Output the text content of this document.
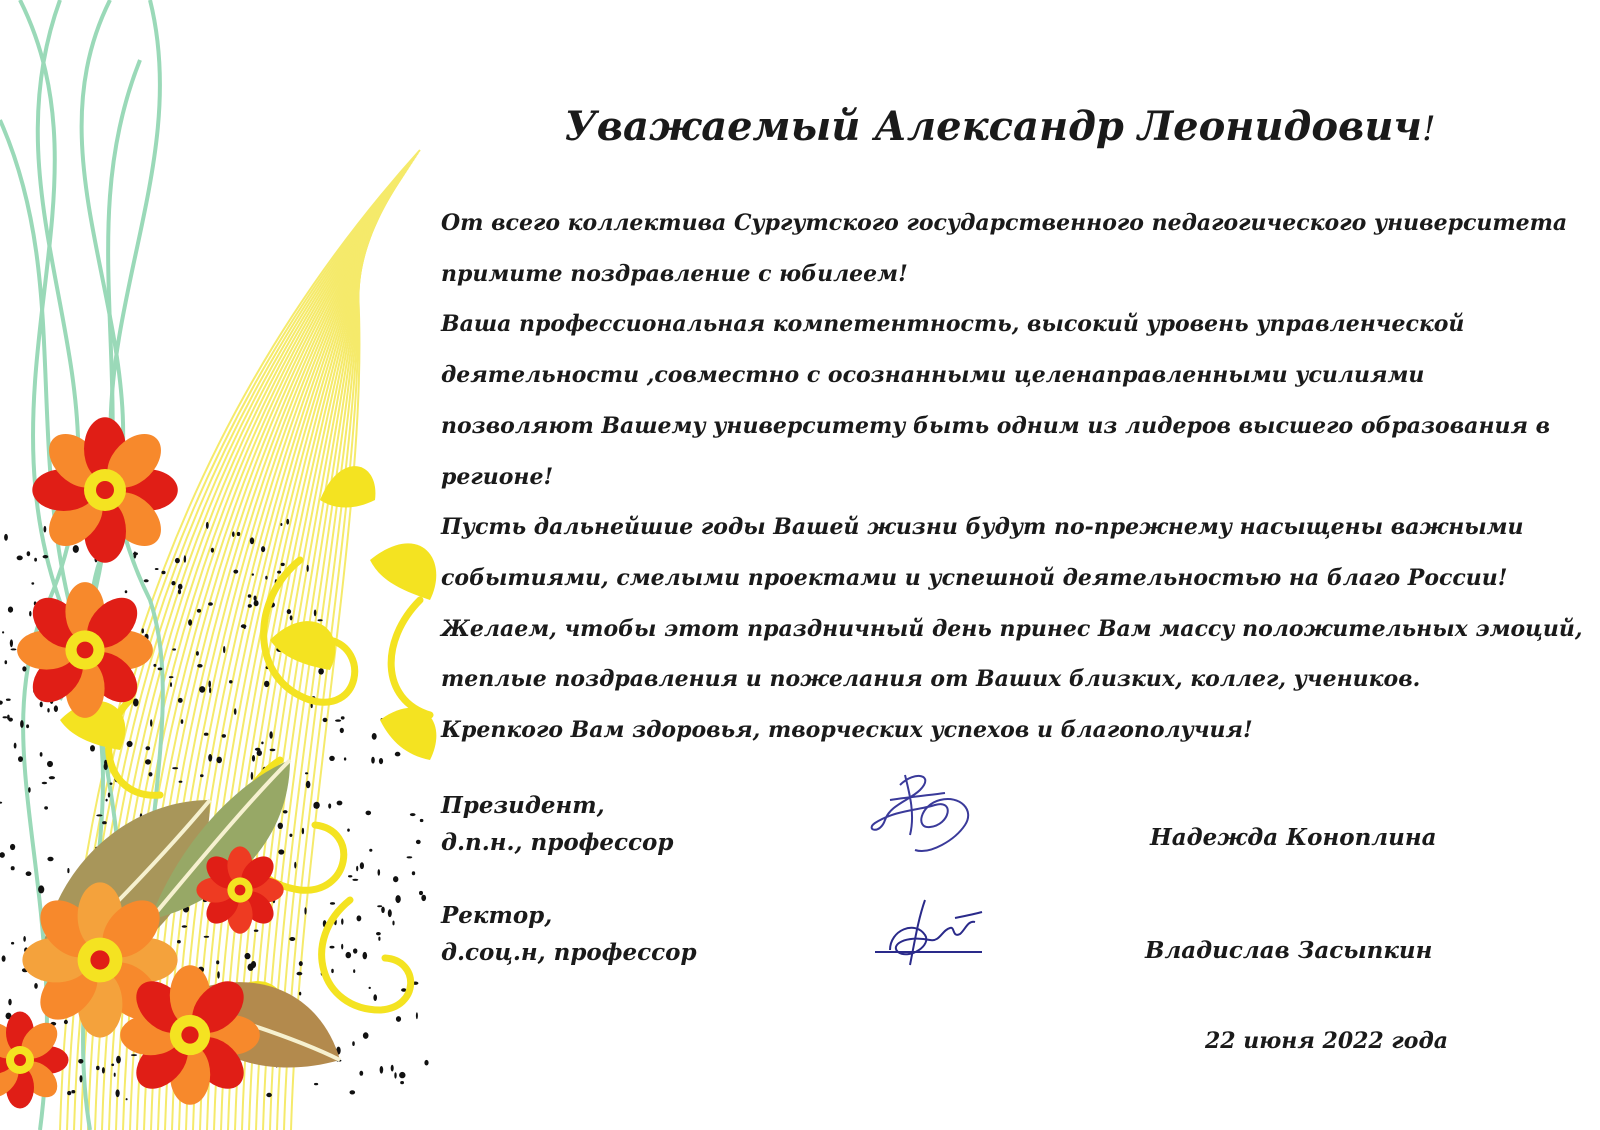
Уважаемый Александр Леонидович!

От всего коллектива Сургутского государственного педагогического университета
примите поздравление с юбилеем!
Ваша профессиональная компетентность, высокий уровень управленческой
деятельности ,совместно с осознанными целенаправленными усилиями
позволяют Вашему университету быть одним из лидеров высшего образования в
регионе!
Пусть дальнейшие годы Вашей жизни будут по-прежнему насыщены важными
событиями, смелыми проектами и успешной деятельностью на благо России!
Желаем, чтобы этот праздничный день принес Вам массу положительных эмоций,
теплые поздравления и пожелания от Ваших близких, коллег, учеников.
Крепкого Вам здоровья, творческих успехов и благополучия!

Президент,
д.п.н., профессор	Надежда Коноплина
Ректор,
д.соц.н, профессор	Владислав Засыпкин
22 июня 2022 года
